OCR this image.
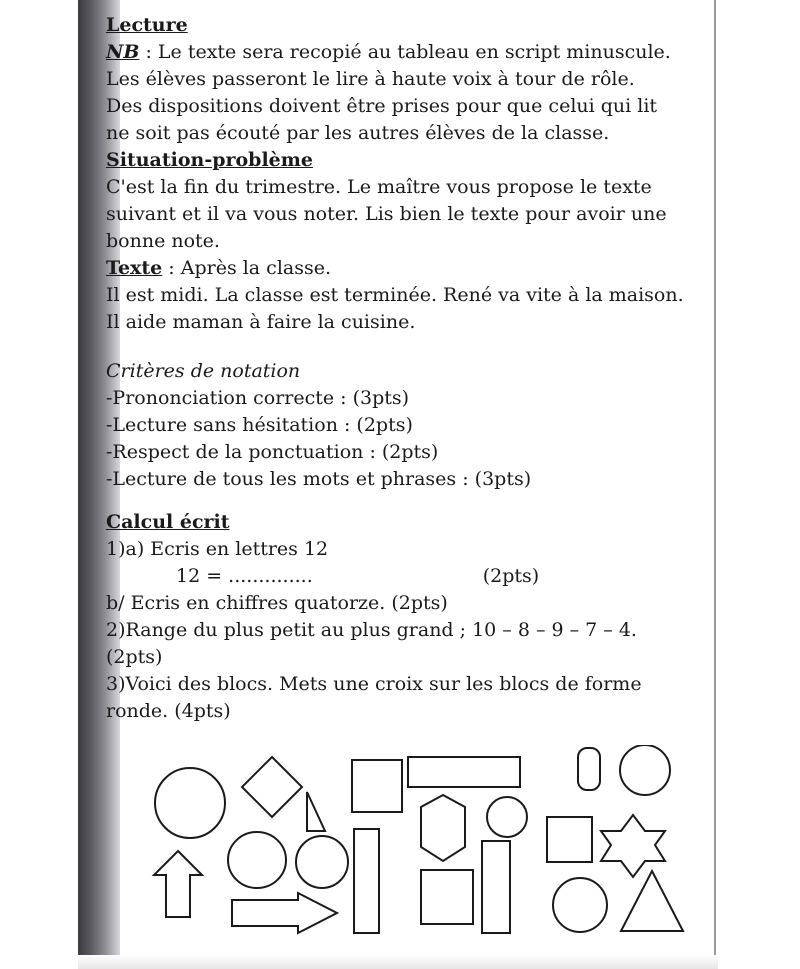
Lecture
NB : Le texte sera recopié au tableau en script minuscule.
Les élèves passeront le lire à haute voix à tour de rôle.
Des dispositions doivent être prises pour que celui qui lit
ne soit pas écouté par les autres élèves de la classe.
Situation-problème
C'est la fin du trimestre. Le maître vous propose le texte
suivant et il va vous noter. Lis bien le texte pour avoir une
bonne note.
Texte : Après la classe.
Il est midi. La classe est terminée. René va vite à la maison.
Il aide maman à faire la cuisine.
Critères de notation
-Prononciation correcte : (3pts)
-Lecture sans hésitation : (2pts)
-Respect de la ponctuation : (2pts)
-Lecture de tous les mots et phrases : (3pts)
Calcul écrit
1)a) Ecris en lettres 12
12 = ..............	(2pts)
b/ Ecris en chiffres quatorze. (2pts)
2)Range du plus petit au plus grand ; 10 – 8 – 9 – 7 – 4.
(2pts)
3)Voici des blocs. Mets une croix sur les blocs de forme
ronde. (4pts)
